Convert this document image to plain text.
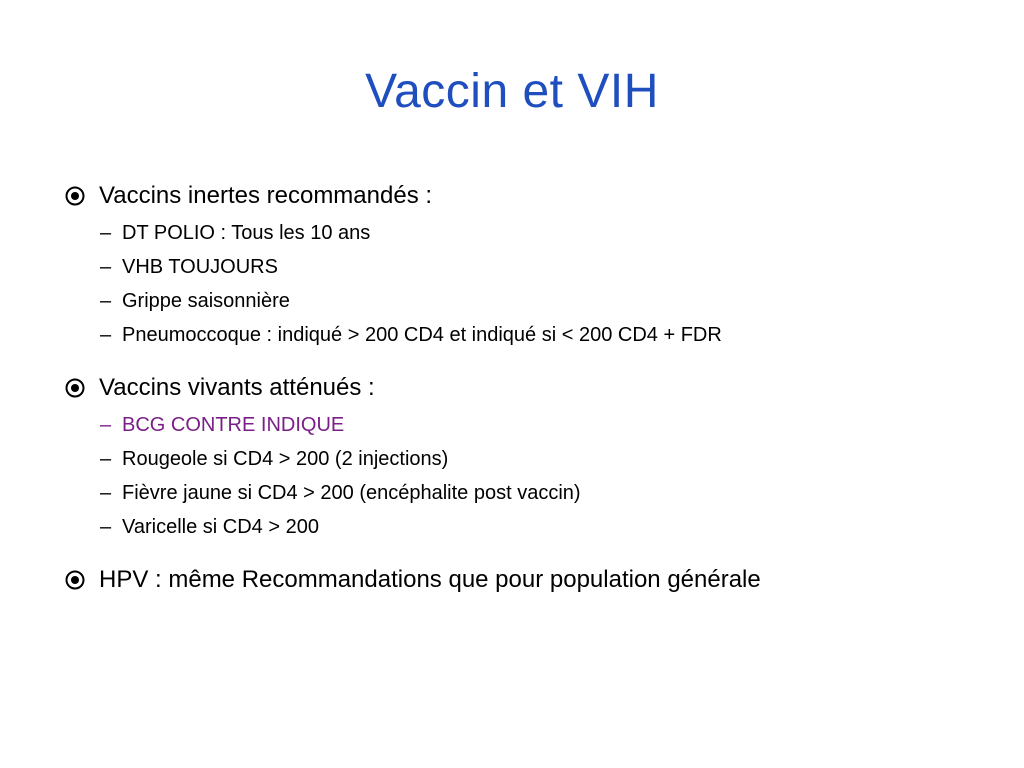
Vaccin et VIH
Vaccins inertes recommandés :
– DT POLIO : Tous les 10 ans
– VHB TOUJOURS
– Grippe saisonnière
– Pneumoccoque : indiqué > 200 CD4 et indiqué si < 200 CD4 + FDR
Vaccins vivants atténués :
– BCG CONTRE INDIQUE
– Rougeole si CD4 > 200 (2 injections)
– Fièvre jaune si CD4 > 200 (encéphalite post vaccin)
– Varicelle si CD4 > 200
HPV : même Recommandations que pour population générale
